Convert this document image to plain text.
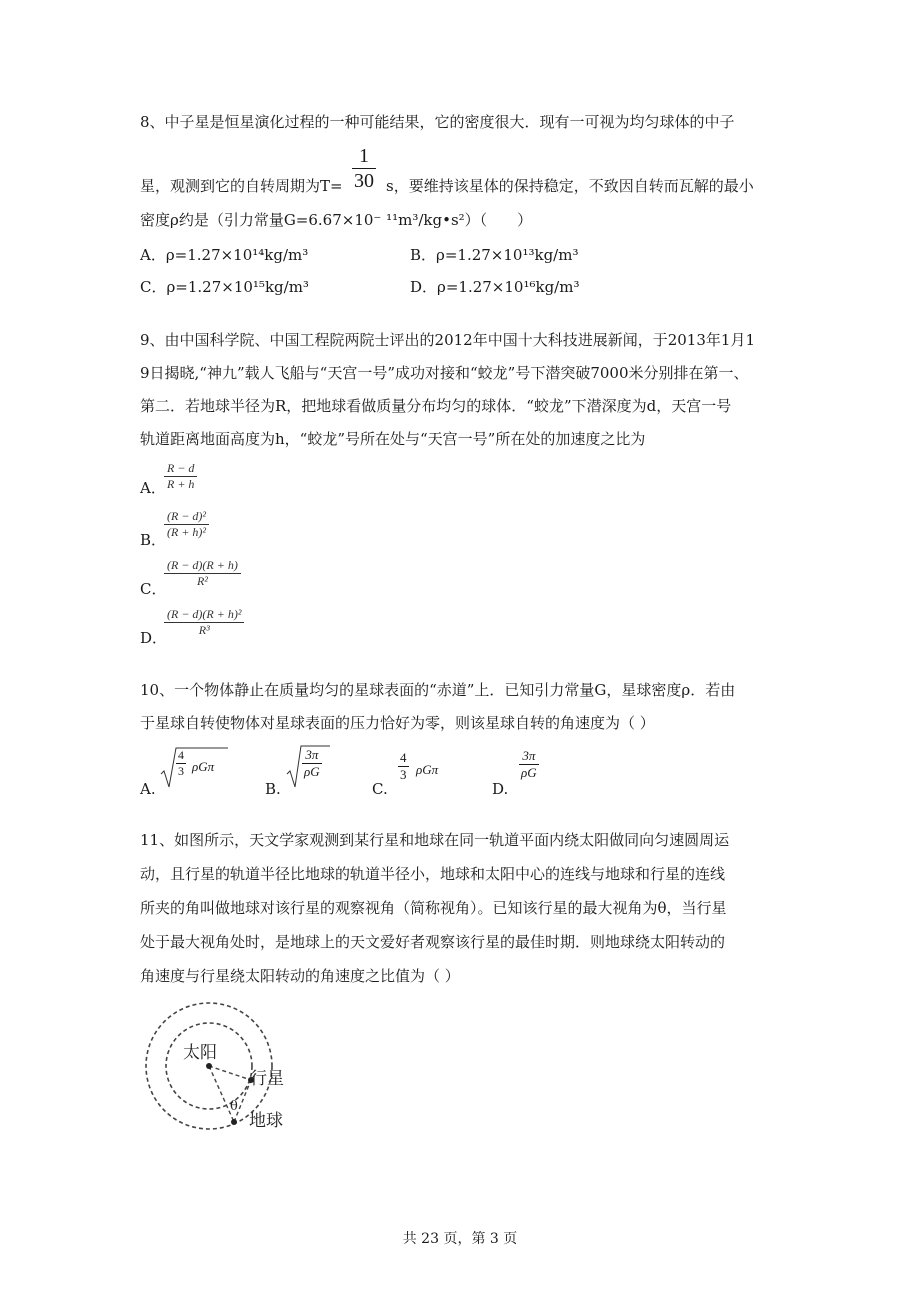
8、中子星是恒星演化过程的一种可能结果，它的密度很大．现有一可视为均匀球体的中子
$\frac{1}{30}$
星，观测到它的自转周期为T=	s，要维持该星体的保持稳定，不致因自转而瓦解的最小
密度ρ约是（引力常量G=6.67×10⁻ ¹¹m³/kg•s²）（　　）
A．ρ=1.27×10¹⁴kg/m³	B．ρ=1.27×10¹³kg/m³
C．ρ=1.27×10¹⁵kg/m³	D．ρ=1.27×10¹⁶kg/m³
9、由中国科学院、中国工程院两院士评出的2012年中国十大科技进展新闻，于2013年1月1
9日揭晓,“神九”载人飞船与“天宫一号”成功对接和“蛟龙”号下潜突破7000米分别排在第一、
第二．若地球半径为R，把地球看做质量分布均匀的球体．“蛟龙”下潜深度为d，天宫一号
轨道距离地面高度为h，“蛟龙”号所在处与“天宫一号”所在处的加速度之比为
A．
$\frac{R - d}{R + h}$
B．
$\frac{\text{(R − d)²}}{\text{(R + h)²}}$
C．
$\frac{(R - d)(R + h)}{\text{R²}}$
D．
$\frac{\text{(R − d)(R + h)²}}{\text{R³}}$
10、一个物体静止在质量均匀的星球表面的“赤道”上．已知引力常量G，星球密度ρ．若由
于星球自转使物体对星球表面的压力恰好为零，则该星球自转的角速度为（ ）
A.
$\frac{4}{3}$ ρGπ
B.
$\frac{3\pi}{\rho G}$
C.
$\frac{4}{3}$ ρGπ
D.
$\frac{3\pi}{\rho G}$
11、如图所示，天文学家观测到某行星和地球在同一轨道平面内绕太阳做同向匀速圆周运
动，且行星的轨道半径比地球的轨道半径小，地球和太阳中心的连线与地球和行星的连线
所夹的角叫做地球对该行星的观察视角（简称视角）。已知该行星的最大视角为θ，当行星
处于最大视角处时，是地球上的天文爱好者观察该行星的最佳时期．则地球绕太阳转动的
角速度与行星绕太阳转动的角速度之比值为（ ）
太阳
行星
地球
θ
共 23 页，第 3 页
